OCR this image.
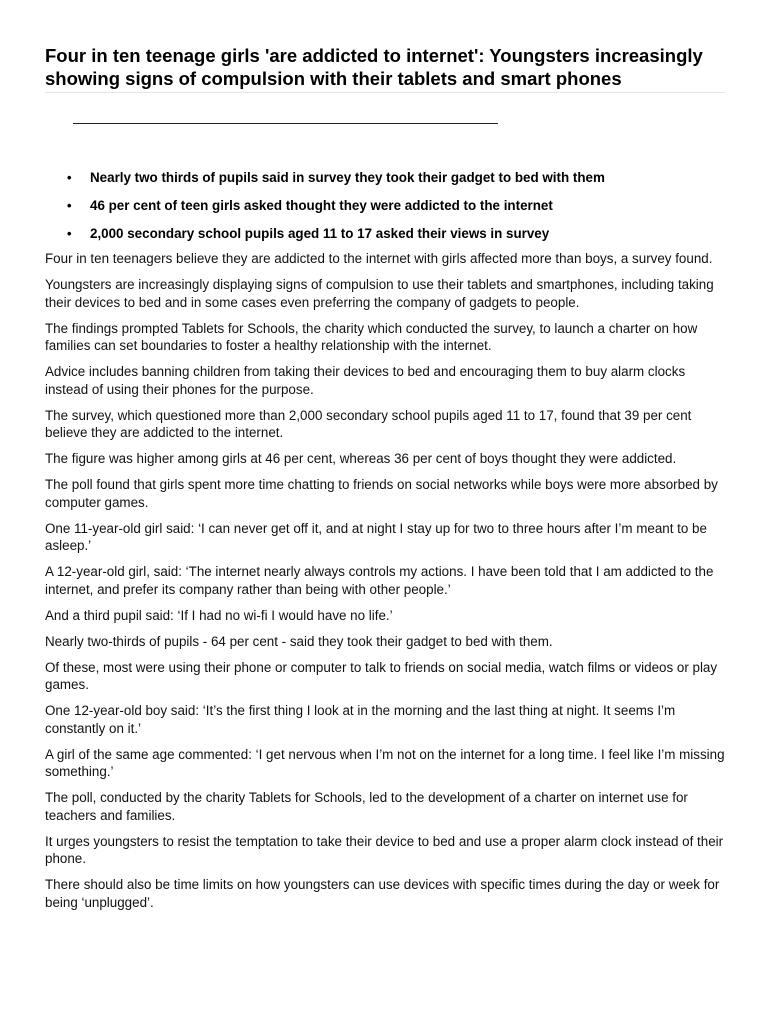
Four in ten teenage girls 'are addicted to internet': Youngsters increasingly showing signs of compulsion with their tablets and smart phones
• Nearly two thirds of pupils said in survey they took their gadget to bed with them
• 46 per cent of teen girls asked thought they were addicted to the internet
• 2,000 secondary school pupils aged 11 to 17 asked their views in survey

Four in ten teenagers believe they are addicted to the internet with girls affected more than boys, a survey found.

Youngsters are increasingly displaying signs of compulsion to use their tablets and smartphones, including taking their devices to bed and in some cases even preferring the company of gadgets to people.

The findings prompted Tablets for Schools, the charity which conducted the survey, to launch a charter on how families can set boundaries to foster a healthy relationship with the internet.

Advice includes banning children from taking their devices to bed and encouraging them to buy alarm clocks instead of using their phones for the purpose.

The survey, which questioned more than 2,000 secondary school pupils aged 11 to 17, found that 39 per cent believe they are addicted to the internet.

The figure was higher among girls at 46 per cent, whereas 36 per cent of boys thought they were addicted.

The poll found that girls spent more time chatting to friends on social networks while boys were more absorbed by computer games.

One 11-year-old girl said: ‘I can never get off it, and at night I stay up for two to three hours after I’m meant to be asleep.’

A 12-year-old girl, said: ‘The internet nearly always controls my actions. I have been told that I am addicted to the internet, and prefer its company rather than being with other people.’

And a third pupil said: ‘If I had no wi-fi I would have no life.’

Nearly two-thirds of pupils - 64 per cent - said they took their gadget to bed with them.

Of these, most were using their phone or computer to talk to friends on social media, watch films or videos or play games.

One 12-year-old boy said: ‘It’s the first thing I look at in the morning and the last thing at night. It seems I’m constantly on it.’

A girl of the same age commented: ‘I get nervous when I’m not on the internet for a long time. I feel like I’m missing something.’

The poll, conducted by the charity Tablets for Schools, led to the development of a charter on internet use for teachers and families.

It urges youngsters to resist the temptation to take their device to bed and use a proper alarm clock instead of their phone.

There should also be time limits on how youngsters can use devices with specific times during the day or week for being ‘unplugged’.
